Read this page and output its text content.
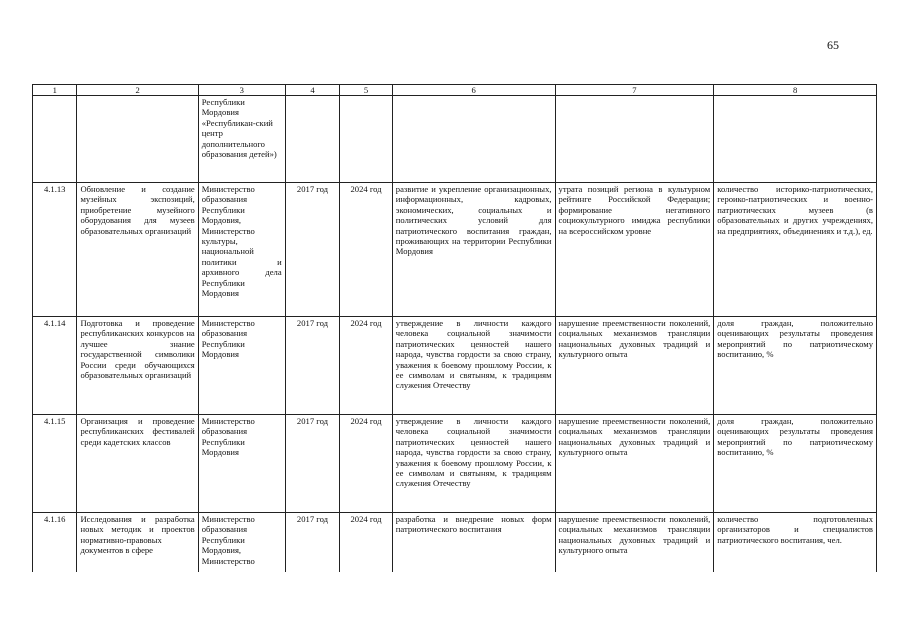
65
1	2	3	4	5	6	7	8
		Республики Мордовия «Республикан-ский центр дополнительного образования детей»)					
4.1.13	Обновление и создание музейных экспозиций, приобретение музейного оборудования для музеев образовательных организаций	Министерство образования Республики Мордовия, Министерство культуры, национальной политики и архивного дела Республики Мордовия	2017 год	2024 год	развитие и укрепление организационных, информационных, кадровых, экономических, социальных и политических условий для патриотического воспитания граждан, проживающих на территории Республики Мордовия	утрата позиций региона в культурном рейтинге Российской Федерации; формирование негативного социокультурного имиджа республики на всероссийском уровне	количество историко-патриотических, героико-патриотических и военно-патриотических музеев (в образовательных и других учреждениях, на предприятиях, объединениях и т.д.), ед.
4.1.14	Подготовка и проведение республиканских конкурсов на лучшее знание государственной символики России среди обучающихся образовательных организаций	Министерство образования Республики Мордовия	2017 год	2024 год	утверждение в личности каждого человека социальной значимости патриотических ценностей нашего народа, чувства гордости за свою страну, уважения к боевому прошлому России, к ее символам и святыням, к традициям служения Отечеству	нарушение преемственности поколений, социальных механизмов трансляции национальных духовных традиций и культурного опыта	доля граждан, положительно оценивающих результаты проведения мероприятий по патриотическому воспитанию, %
4.1.15	Организация и проведение республиканских фестивалей среди кадетских классов	Министерство образования Республики Мордовия	2017 год	2024 год	утверждение в личности каждого человека социальной значимости патриотических ценностей нашего народа, чувства гордости за свою страну, уважения к боевому прошлому России, к ее символам и святыням, к традициям служения Отечеству	нарушение преемственности поколений, социальных механизмов трансляции национальных духовных традиций и культурного опыта	доля граждан, положительно оценивающих результаты проведения мероприятий по патриотическому воспитанию, %
4.1.16	Исследования и разработка новых методик и проектов нормативно-правовых документов в сфере	Министерство образования Республики Мордовия, Министерство	2017 год	2024 год	разработка и внедрение новых форм патриотического воспитания	нарушение преемственности поколений, социальных механизмов трансляции национальных духовных традиций и культурного опыта	количество подготовленных организаторов и специалистов патриотического воспитания, чел.
